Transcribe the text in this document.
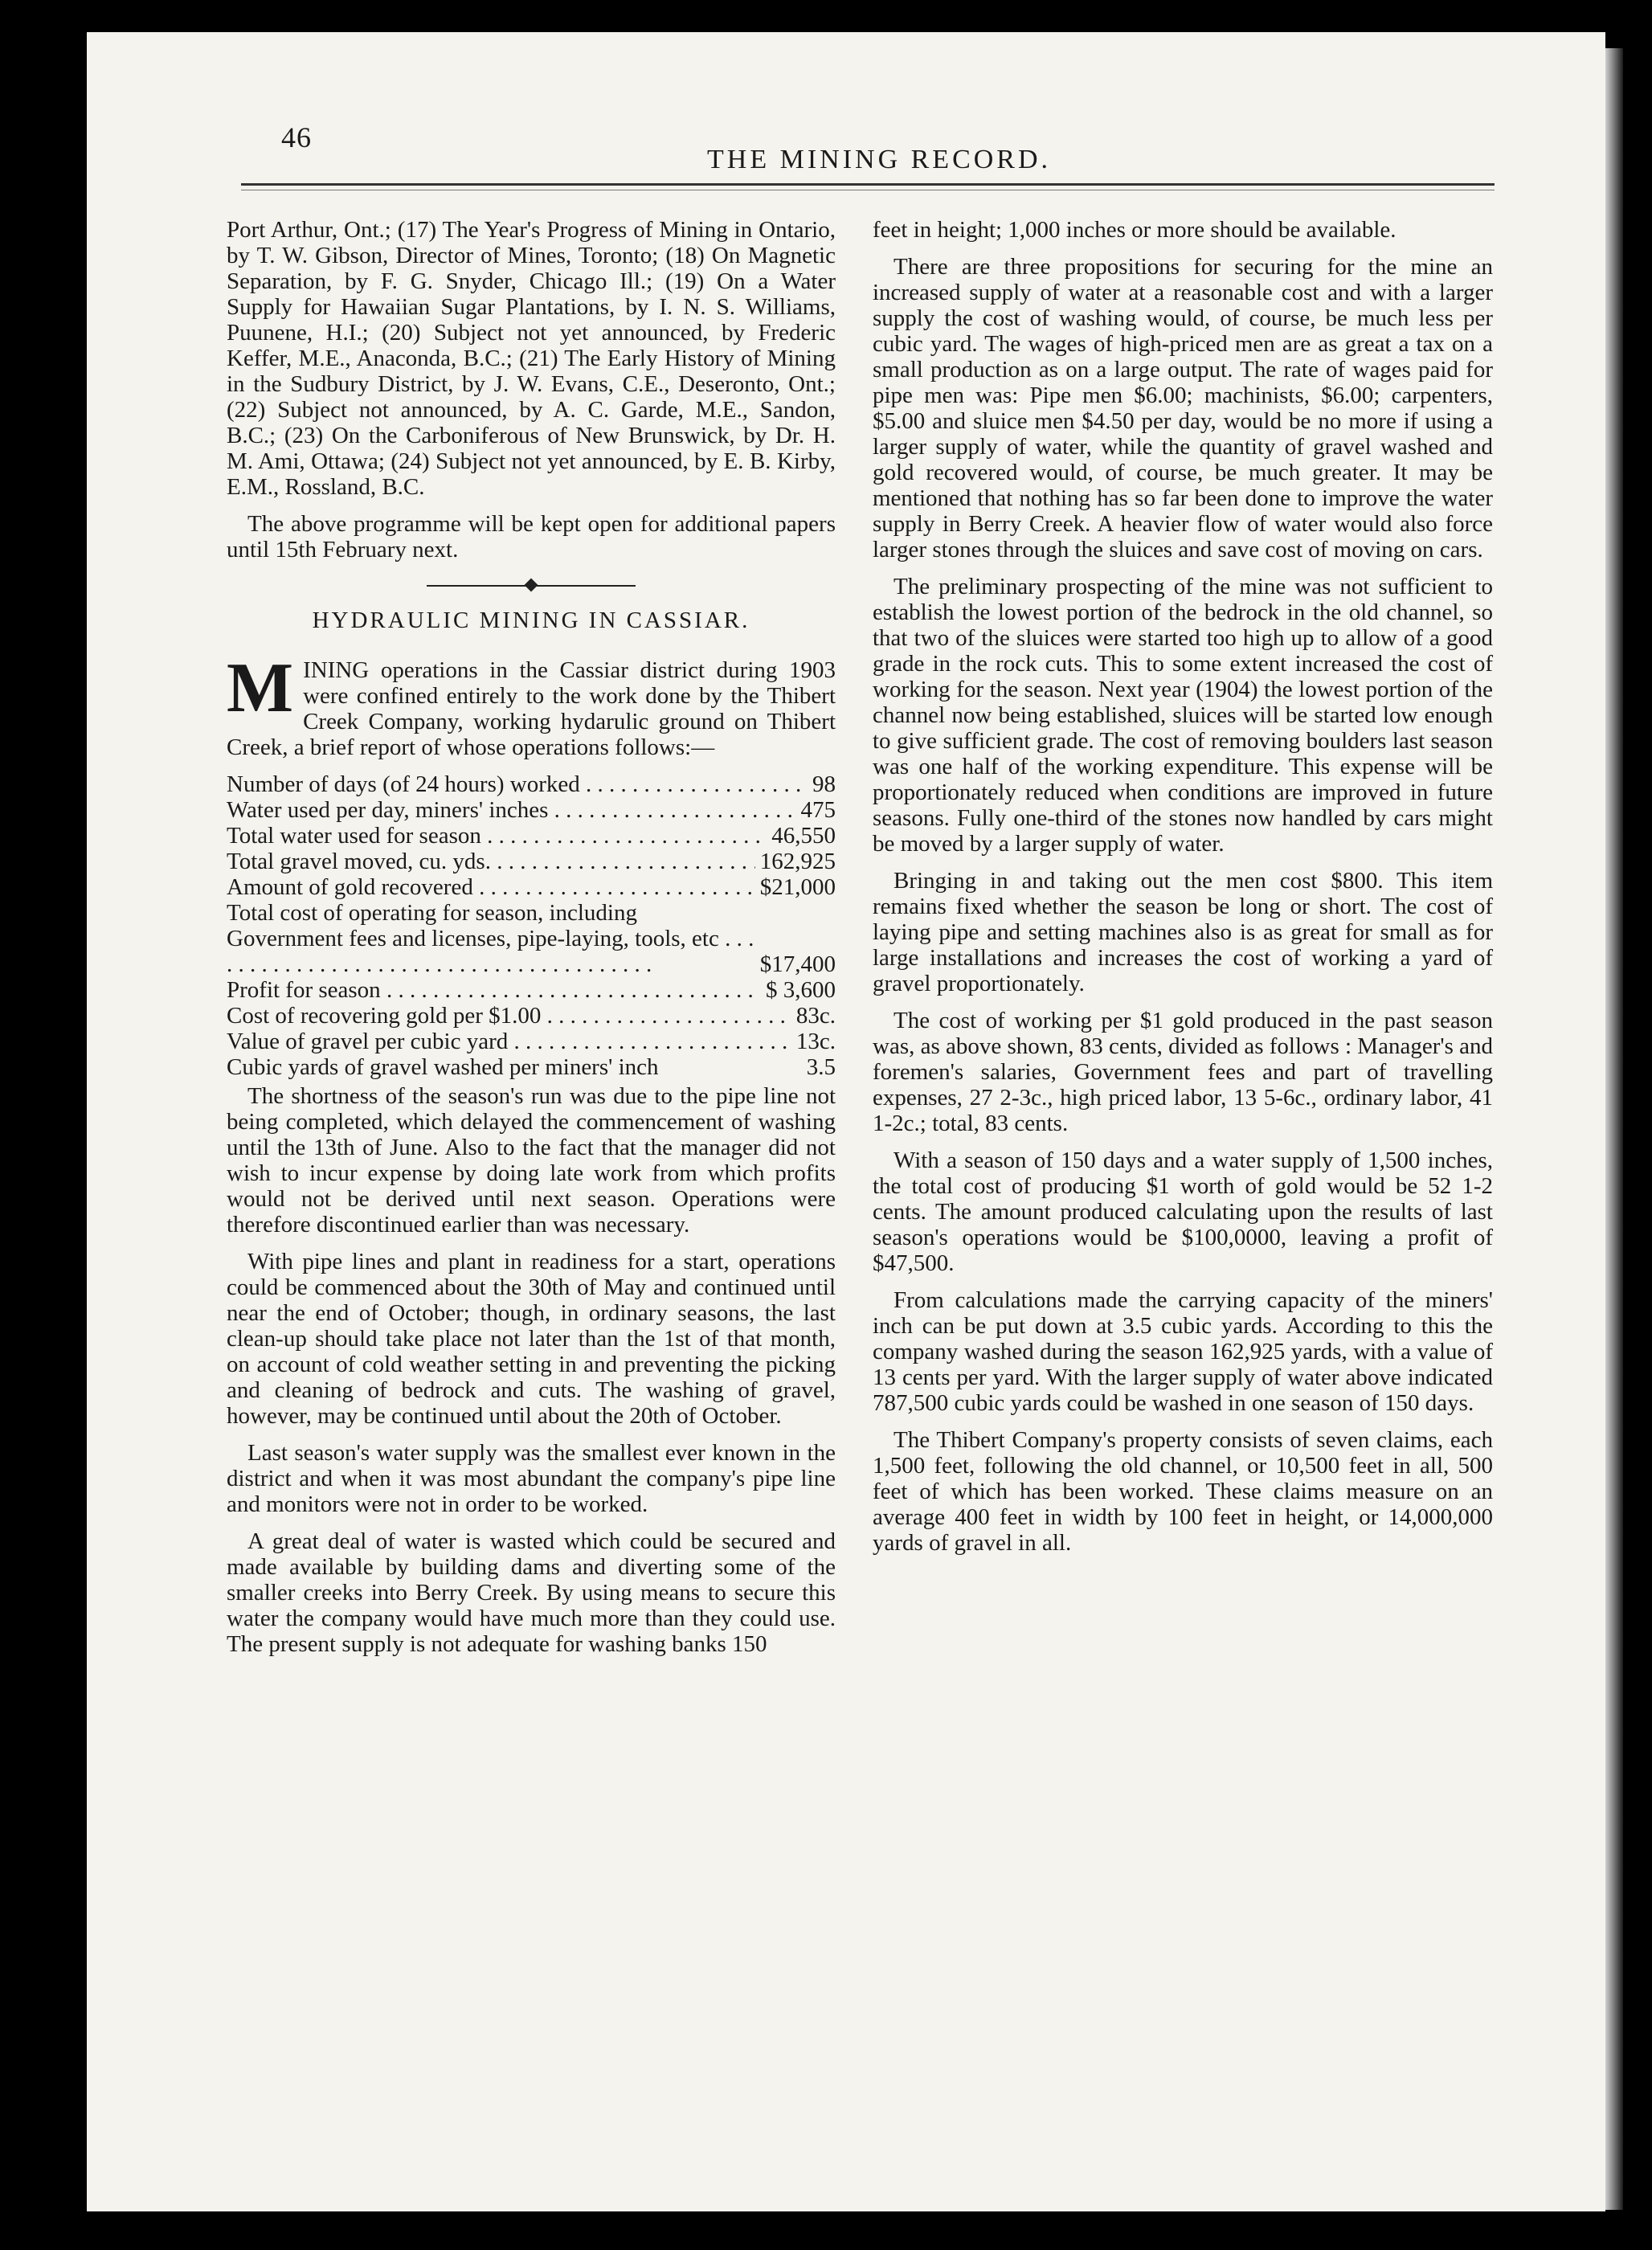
46
THE MINING RECORD.

Port Arthur, Ont.; (17) The Year's Progress of Mining in Ontario, by T. W. Gibson, Director of Mines, Toronto; (18) On Magnetic Separation, by F. G. Snyder, Chicago Ill.; (19) On a Water Supply for Hawaiian Sugar Plantations, by I. N. S. Williams, Puunene, H.I.; (20) Subject not yet announced, by Frederic Keffer, M.E., Anaconda, B.C.; (21) The Early History of Mining in the Sudbury District, by J. W. Evans, C.E., Deseronto, Ont.; (22) Subject not announced, by A. C. Garde, M.E., Sandon, B.C.; (23) On the Carboniferous of New Brunswick, by Dr. H. M. Ami, Ottawa; (24) Subject not yet announced, by E. B. Kirby, E.M., Rossland, B.C.

The above programme will be kept open for additional papers until 15th February next.

HYDRAULIC MINING IN CASSIAR.

MINING operations in the Cassiar district during 1903 were confined entirely to the work done by the Thibert Creek Company, working hydarulic ground on Thibert Creek, a brief report of whose operations follows:—

Number of days (of 24 hours) worked . . .	98
Water used per day, miners' inches . . .	475
Total water used for season . . .	46,550
Total gravel moved, cu. yds. . . .	162,925
Amount of gold recovered . . .	$21,000
Total cost of operating for season, including Government fees and licenses, pipe-laying, tools, etc . . .
$17,400
Profit for season . . .	$ 3,600
Cost of recovering gold per $1.00 . . .	83c.
Value of gravel per cubic yard . . .	13c.
Cubic yards of gravel washed per miners' inch	3.5

The shortness of the season's run was due to the pipe line not being completed, which delayed the commencement of washing until the 13th of June. Also to the fact that the manager did not wish to incur expense by doing late work from which profits would not be derived until next season. Operations were therefore discontinued earlier than was necessary.

With pipe lines and plant in readiness for a start, operations could be commenced about the 30th of May and continued until near the end of October; though, in ordinary seasons, the last clean-up should take place not later than the 1st of that month, on account of cold weather setting in and preventing the picking and cleaning of bedrock and cuts. The washing of gravel, however, may be continued until about the 20th of October.

Last season's water supply was the smallest ever known in the district and when it was most abundant the company's pipe line and monitors were not in order to be worked.

A great deal of water is wasted which could be secured and made available by building dams and diverting some of the smaller creeks into Berry Creek. By using means to secure this water the company would have much more than they could use. The present supply is not adequate for washing banks 150

feet in height; 1,000 inches or more should be available.

There are three propositions for securing for the mine an increased supply of water at a reasonable cost and with a larger supply the cost of washing would, of course, be much less per cubic yard. The wages of high-priced men are as great a tax on a small production as on a large output. The rate of wages paid for pipe men was: Pipe men $6.00; machinists, $6.00; carpenters, $5.00 and sluice men $4.50 per day, would be no more if using a larger supply of water, while the quantity of gravel washed and gold recovered would, of course, be much greater. It may be mentioned that nothing has so far been done to improve the water supply in Berry Creek. A heavier flow of water would also force larger stones through the sluices and save cost of moving on cars.

The preliminary prospecting of the mine was not sufficient to establish the lowest portion of the bedrock in the old channel, so that two of the sluices were started too high up to allow of a good grade in the rock cuts. This to some extent increased the cost of working for the season. Next year (1904) the lowest portion of the channel now being established, sluices will be started low enough to give sufficient grade. The cost of removing boulders last season was one half of the working expenditure. This expense will be proportionately reduced when conditions are improved in future seasons. Fully one-third of the stones now handled by cars might be moved by a larger supply of water.

Bringing in and taking out the men cost $800. This item remains fixed whether the season be long or short. The cost of laying pipe and setting machines also is as great for small as for large installations and increases the cost of working a yard of gravel proportionately.

The cost of working per $1 gold produced in the past season was, as above shown, 83 cents, divided as follows : Manager's and foremen's salaries, Government fees and part of travelling expenses, 27 2-3c., high priced labor, 13 5-6c., ordinary labor, 41 1-2c.; total, 83 cents.

With a season of 150 days and a water supply of 1,500 inches, the total cost of producing $1 worth of gold would be 52 1-2 cents. The amount produced calculating upon the results of last season's operations would be $100,0000, leaving a profit of $47,500.

From calculations made the carrying capacity of the miners' inch can be put down at 3.5 cubic yards. According to this the company washed during the season 162,925 yards, with a value of 13 cents per yard. With the larger supply of water above indicated 787,500 cubic yards could be washed in one season of 150 days.

The Thibert Company's property consists of seven claims, each 1,500 feet, following the old channel, or 10,500 feet in all, 500 feet of which has been worked. These claims measure on an average 400 feet in width by 100 feet in height, or 14,000,000 yards of gravel in all.
